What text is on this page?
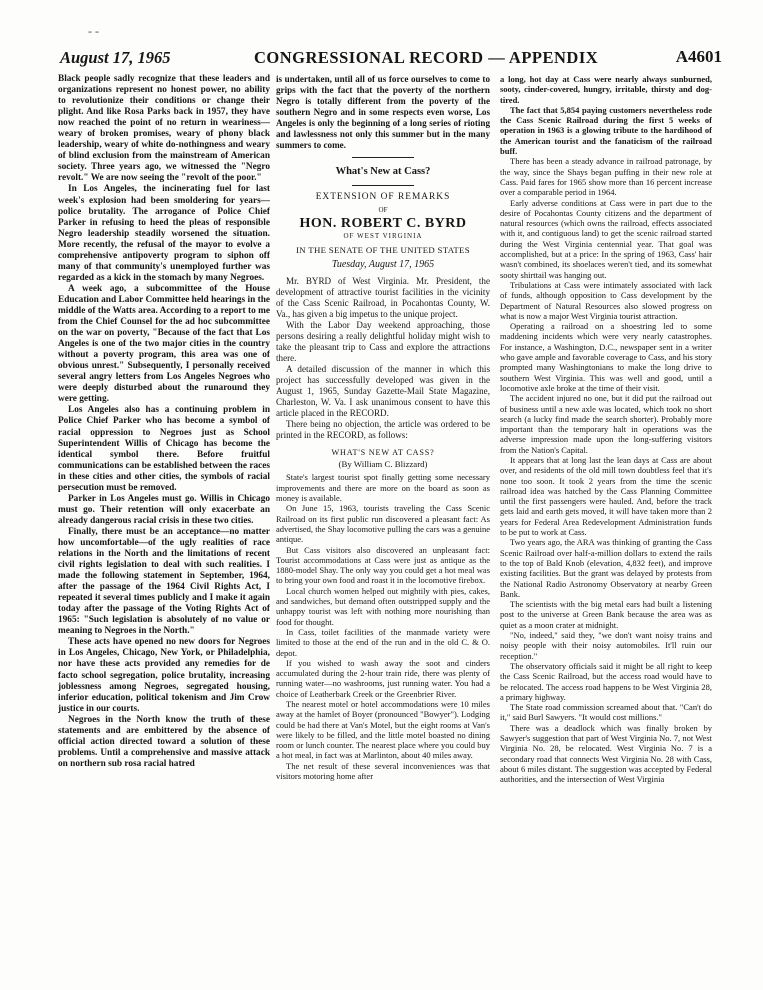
- -
August 17, 1965	CONGRESSIONAL RECORD — APPENDIX	A4601

Black people sadly recognize that these leaders and organizations represent no honest power, no ability to revolutionize their conditions or change their plight. And like Rosa Parks back in 1957, they have now reached the point of no return in weariness—weary of broken promises, weary of phony black leadership, weary of white do-nothingness and weary of blind exclusion from the mainstream of American society. Three years ago, we witnessed the "Negro revolt." We are now seeing the "revolt of the poor."

In Los Angeles, the incinerating fuel for last week's explosion had been smoldering for years—police brutality. The arrogance of Police Chief Parker in refusing to heed the pleas of responsible Negro leadership steadily worsened the situation. More recently, the refusal of the mayor to evolve a comprehensive antipoverty program to siphon off many of that community's unemployed further was regarded as a kick in the stomach by many Negroes.

A week ago, a subcommittee of the House Education and Labor Committee held hearings in the middle of the Watts area. According to a report to me from the Chief Counsel for the ad hoc subcommittee on the war on poverty, "Because of the fact that Los Angeles is one of the two major cities in the country without a poverty program, this area was one of obvious unrest." Subsequently, I personally received several angry letters from Los Angeles Negroes who were deeply disturbed about the runaround they were getting.

Los Angeles also has a continuing problem in Police Chief Parker who has become a symbol of racial oppression to Negroes just as School Superintendent Willis of Chicago has become the identical symbol there. Before fruitful communications can be established between the races in these cities and other cities, the symbols of racial persecution must be removed.

Parker in Los Angeles must go. Willis in Chicago must go. Their retention will only exacerbate an already dangerous racial crisis in these two cities.

Finally, there must be an acceptance—no matter how uncomfortable—of the ugly realities of race relations in the North and the limitations of recent civil rights legislation to deal with such realities. I made the following statement in September, 1964, after the passage of the 1964 Civil Rights Act, I repeated it several times publicly and I make it again today after the passage of the Voting Rights Act of 1965: "Such legislation is absolutely of no value or meaning to Negroes in the North."

These acts have opened no new doors for Negroes in Los Angeles, Chicago, New York, or Philadelphia, nor have these acts provided any remedies for de facto school segregation, police brutality, increasing joblessness among Negroes, segregated housing, inferior education, political tokenism and Jim Crow justice in our courts.

Negroes in the North know the truth of these statements and are embittered by the absence of official action directed toward a solution of these problems. Until a comprehensive and massive attack on northern sub rosa racial hatred

is undertaken, until all of us force ourselves to come to grips with the fact that the poverty of the northern Negro is totally different from the poverty of the southern Negro and in some respects even worse, Los Angeles is only the beginning of a long series of rioting and lawlessness not only this summer but in the many summers to come.

What's New at Cass?
EXTENSION OF REMARKS
OF
HON. ROBERT C. BYRD
OF WEST VIRGINIA
IN THE SENATE OF THE UNITED STATES
Tuesday, August 17, 1965

Mr. BYRD of West Virginia. Mr. President, the development of attractive tourist facilities in the vicinity of the Cass Scenic Railroad, in Pocahontas County, W. Va., has given a big impetus to the unique project.

With the Labor Day weekend approaching, those persons desiring a really delightful holiday might wish to take the pleasant trip to Cass and explore the attractions there.

A detailed discussion of the manner in which this project has successfully developed was given in the August 1, 1965, Sunday Gazette-Mail State Magazine, Charleston, W. Va. I ask unanimous consent to have this article placed in the RECORD.

There being no objection, the article was ordered to be printed in the RECORD, as follows:

WHAT'S NEW AT CASS?
(By William C. Blizzard)

State's largest tourist spot finally getting some necessary improvements and there are more on the board as soon as money is available.

On June 15, 1963, tourists traveling the Cass Scenic Railroad on its first public run discovered a pleasant fact: As advertised, the Shay locomotive pulling the cars was a genuine antique.

But Cass visitors also discovered an unpleasant fact: Tourist accommodations at Cass were just as antique as the 1880-model Shay. The only way you could get a hot meal was to bring your own food and roast it in the locomotive firebox.

Local church women helped out mightily with pies, cakes, and sandwiches, but demand often outstripped supply and the unhappy tourist was left with nothing more nourishing than food for thought.

In Cass, toilet facilities of the manmade variety were limited to those at the end of the run and in the old C. & O. depot.

If you wished to wash away the soot and cinders accumulated during the 2-hour train ride, there was plenty of running water—no washrooms, just running water. You had a choice of Leatherbark Creek or the Greenbrier River.

The nearest motel or hotel accommodations were 10 miles away at the hamlet of Boyer (pronounced "Bowyer"). Lodging could be had there at Van's Motel, but the eight rooms at Van's were likely to be filled, and the little motel boasted no dining room or lunch counter. The nearest place where you could buy a hot meal, in fact was at Marlinton, about 40 miles away.

The net result of these several inconveniences was that visitors motoring home after

a long, hot day at Cass were nearly always sunburned, sooty, cinder-covered, hungry, irritable, thirsty and dog-tired.

The fact that 5,854 paying customers nevertheless rode the Cass Scenic Railroad during the first 5 weeks of operation in 1963 is a glowing tribute to the hardihood of the American tourist and the fanaticism of the railroad buff.

There has been a steady advance in railroad patronage, by the way, since the Shays began puffing in their new role at Cass. Paid fares for 1965 show more than 16 percent increase over a comparable period in 1964.

Early adverse conditions at Cass were in part due to the desire of Pocahontas County citizens and the department of natural resources (which owns the railroad, effects associated with it, and contiguous land) to get the scenic railroad started during the West Virginia centennial year. That goal was accomplished, but at a price: In the spring of 1963, Cass' hair wasn't combined, its shoelaces weren't tied, and its somewhat sooty shirttail was hanging out.

Tribulations at Cass were intimately associated with lack of funds, although opposition to Cass development by the Department of Natural Resources also slowed progress on what is now a major West Virginia tourist attraction.

Operating a railroad on a shoestring led to some maddening incidents which were very nearly catastrophes. For instance, a Washington, D.C., newspaper sent in a writer who gave ample and favorable coverage to Cass, and his story prompted many Washingtonians to make the long drive to southern West Virginia. This was well and good, until a locomotive axle broke at the time of their visit.

The accident injured no one, but it did put the railroad out of business until a new axle was located, which took no short search (a lucky find made the search shorter). Probably more important than the temporary halt in operations was the adverse impression made upon the long-suffering visitors from the Nation's Capital.

It appears that at long last the lean days at Cass are about over, and residents of the old mill town doubtless feel that it's none too soon. It took 2 years from the time the scenic railroad idea was hatched by the Cass Planning Committee until the first passengers were hauled. And, before the track gets laid and earth gets moved, it will have taken more than 2 years for Federal Area Redevelopment Administration funds to be put to work at Cass.

Two years ago, the ARA was thinking of granting the Cass Scenic Railroad over half-a-million dollars to extend the rails to the top of Bald Knob (elevation, 4,832 feet), and improve existing facilities. But the grant was delayed by protests from the National Radio Astronomy Observatory at nearby Green Bank.

The scientists with the big metal ears had built a listening post to the universe at Green Bank because the area was as quiet as a moon crater at midnight.

"No, indeed," said they, "we don't want noisy trains and noisy people with their noisy automobiles. It'll ruin our reception."

The observatory officials said it might be all right to keep the Cass Scenic Railroad, but the access road would have to be relocated. The access road happens to be West Virginia 28, a primary highway.

The State road commission screamed about that. "Can't do it," said Burl Sawyers. "It would cost millions."

There was a deadlock which was finally broken by Sawyer's suggestion that part of West Virginia No. 7, not West Virginia No. 28, be relocated. West Virginia No. 7 is a secondary road that connects West Virginia No. 28 with Cass, about 6 miles distant. The suggestion was accepted by Federal authorities, and the intersection of West Virginia
